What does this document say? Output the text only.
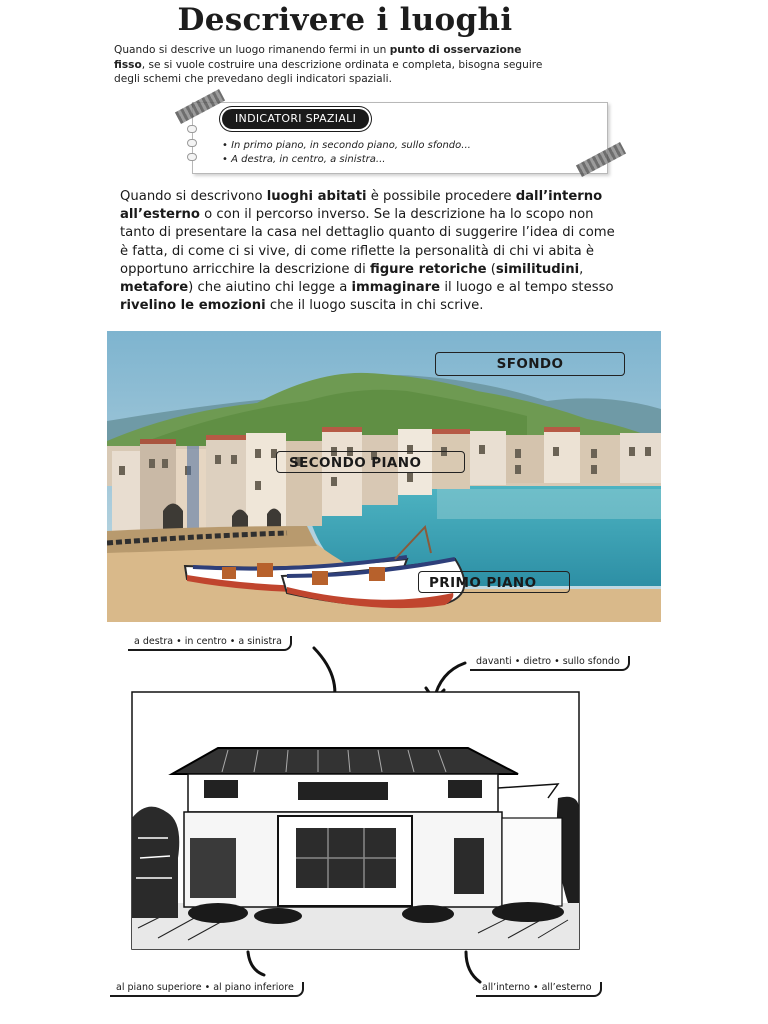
Descrivere i luoghi
Quando si descrive un luogo rimanendo fermi in un punto di osservazione fisso, se si vuole costruire una descrizione ordinata e completa, bisogna seguire degli schemi che prevedano degli indicatori spaziali.
INDICATORI SPAZIALI
• In primo piano, in secondo piano, sullo sfondo...
• A destra, in centro, a sinistra...
Quando si descrivono luoghi abitati è possibile procedere dall’interno all’esterno o con il percorso inverso. Se la descrizione ha lo scopo non tanto di presentare la casa nel dettaglio quanto di suggerire l’idea di come è fatta, di come ci si vive, di come riflette la personalità di chi vi abita è opportuno arricchire la descrizione di figure retoriche (similitudini, metafore) che aiutino chi legge a immaginare il luogo e al tempo stesso rivelino le emozioni che il luogo suscita in chi scrive.
SFONDO
SECONDO PIANO
PRIMO PIANO
a destra • in centro • a sinistra
davanti • dietro • sullo sfondo
al piano superiore • al piano inferiore	all’interno • all’esterno
